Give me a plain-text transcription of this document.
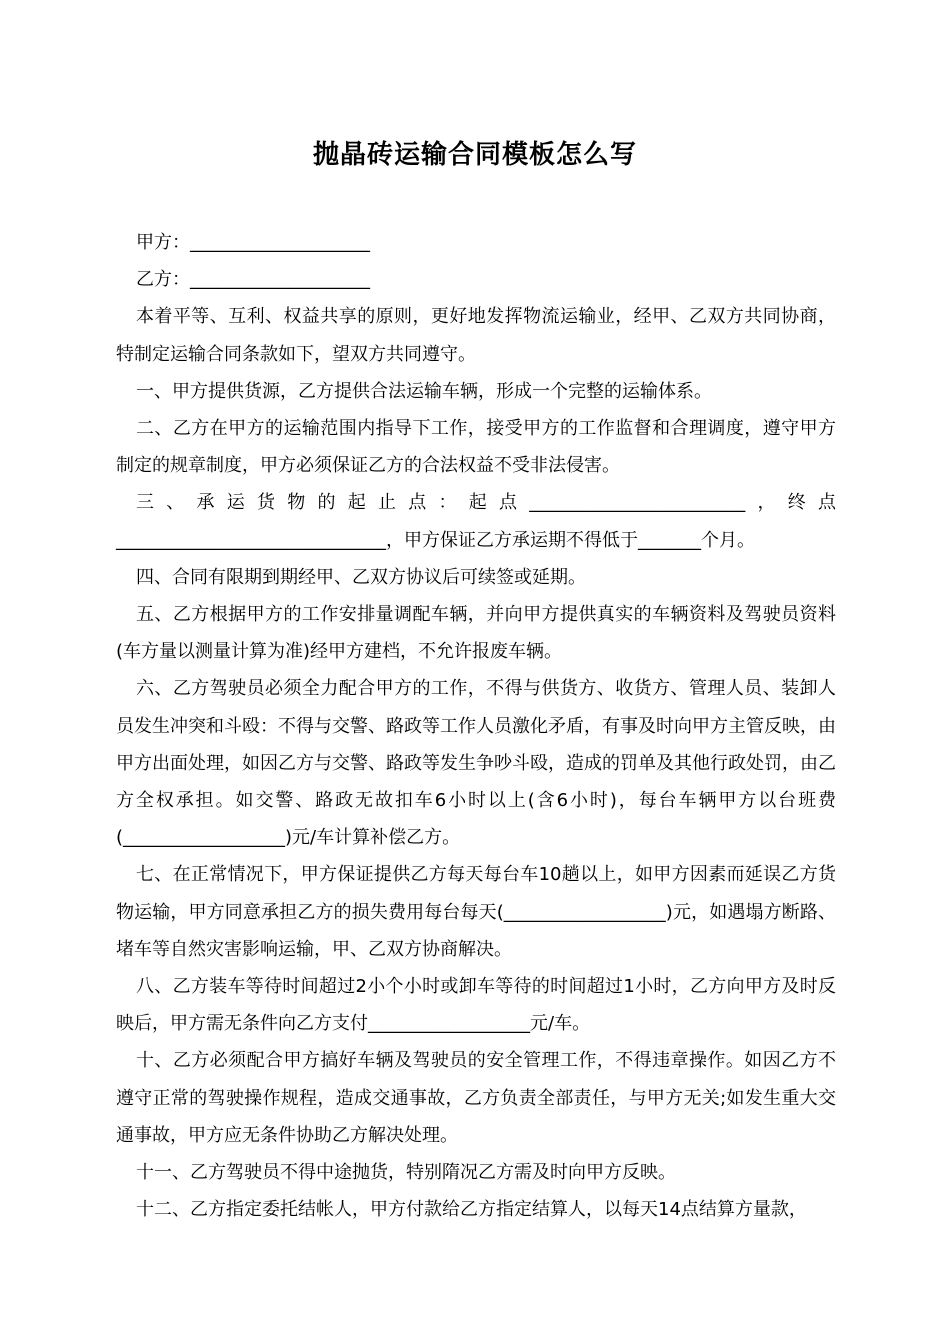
抛晶砖运输合同模板怎么写

甲方：____________________

乙方：____________________

本着平等、互利、权益共享的原则，更好地发挥物流运输业，经甲、乙双方共同协商，特制定运输合同条款如下，望双方共同遵守。

一、甲方提供货源，乙方提供合法运输车辆，形成一个完整的运输体系。

二、乙方在甲方的运输范围内指导下工作，接受甲方的工作监督和合理调度，遵守甲方制定的规章制度，甲方必须保证乙方的合法权益不受非法侵害。

三、承运货物的起止点：起点________________________，终点______________________________，甲方保证乙方承运期不得低于_______个月。

四、合同有限期到期经甲、乙双方协议后可续签或延期。

五、乙方根据甲方的工作安排量调配车辆，并向甲方提供真实的车辆资料及驾驶员资料(车方量以测量计算为准)经甲方建档，不允许报废车辆。

六、乙方驾驶员必须全力配合甲方的工作，不得与供货方、收货方、管理人员、装卸人员发生冲突和斗殴：不得与交警、路政等工作人员激化矛盾，有事及时向甲方主管反映，由甲方出面处理，如因乙方与交警、路政等发生争吵斗殴，造成的罚单及其他行政处罚，由乙方全权承担。如交警、路政无故扣车6小时以上(含6小时)，每台车辆甲方以台班费(__________________)元/车计算补偿乙方。

七、在正常情况下，甲方保证提供乙方每天每台车10趟以上，如甲方因素而延误乙方货物运输，甲方同意承担乙方的损失费用每台每天(__________________)元，如遇塌方断路、堵车等自然灾害影响运输，甲、乙双方协商解决。

八、乙方装车等待时间超过2小个小时或卸车等待的时间超过1小时，乙方向甲方及时反映后，甲方需无条件向乙方支付__________________元/车。

十、乙方必须配合甲方搞好车辆及驾驶员的安全管理工作，不得违章操作。如因乙方不遵守正常的驾驶操作规程，造成交通事故，乙方负责全部责任，与甲方无关;如发生重大交通事故，甲方应无条件协助乙方解决处理。

十一、乙方驾驶员不得中途抛货，特别隋况乙方需及时向甲方反映。

十二、乙方指定委托结帐人，甲方付款给乙方指定结算人，以每天14点结算方量款，
